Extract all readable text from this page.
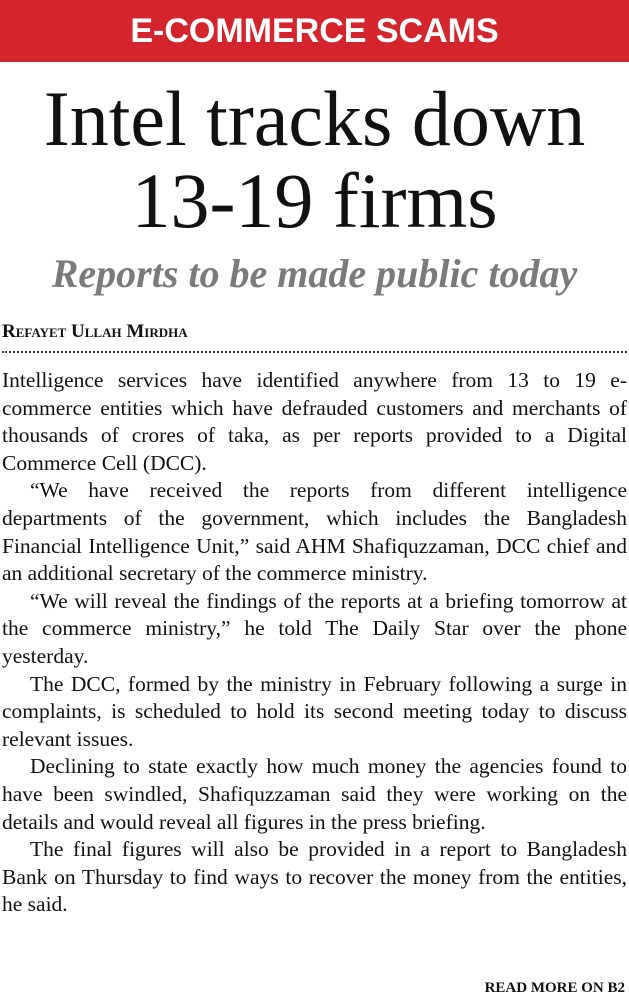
E-COMMERCE SCAMS
Intel tracks down
13-19 firms
Reports to be made public today
Refayet Ullah Mirdha

Intelligence services have identified anywhere from 13 to 19 e-commerce entities which have defrauded customers and merchants of thousands of crores of taka, as per reports provided to a Digital Commerce Cell (DCC).

“We have received the reports from different intelligence departments of the government, which includes the Bangladesh Financial Intelligence Unit,” said AHM Shafiquzzaman, DCC chief and an additional secretary of the commerce ministry.

“We will reveal the findings of the reports at a briefing tomorrow at the commerce ministry,” he told The Daily Star over the phone yesterday.

The DCC, formed by the ministry in February following a surge in complaints, is scheduled to hold its second meeting today to discuss relevant issues.

Declining to state exactly how much money the agencies found to have been swindled, Shafiquzzaman said they were working on the details and would reveal all figures in the press briefing.

The final figures will also be provided in a report to Bangladesh Bank on Thursday to find ways to recover the money from the entities, he said.

READ MORE ON B2
